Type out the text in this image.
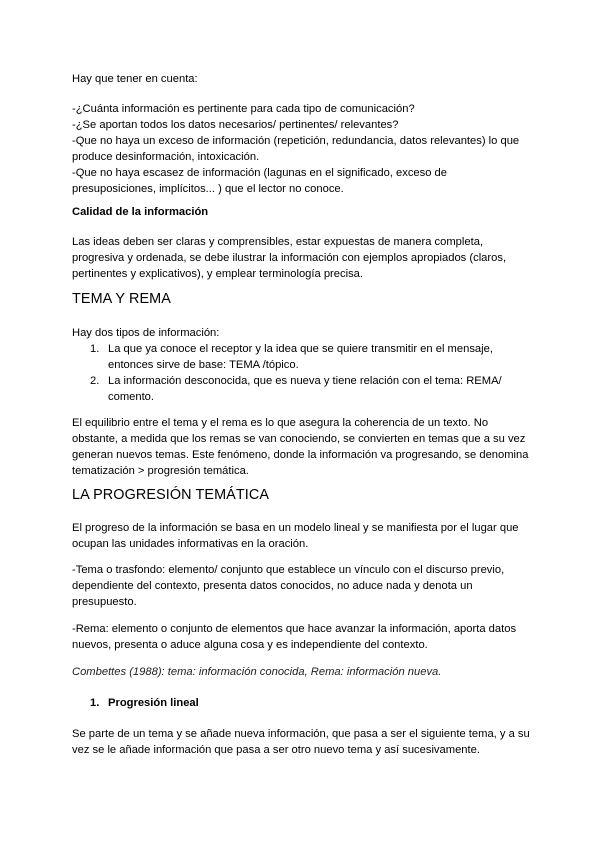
Hay que tener en cuenta:
-¿Cuánta información es pertinente para cada tipo de comunicación?
-¿Se aportan todos los datos necesarios/ pertinentes/ relevantes?
-Que no haya un exceso de información (repetición, redundancia, datos relevantes) lo que
produce desinformación, intoxicación.
-Que no haya escasez de información (lagunas en el significado, exceso de
presuposiciones, implícitos... ) que el lector no conoce.
Calidad de la información
Las ideas deben ser claras y comprensibles, estar expuestas de manera completa,
progresiva y ordenada, se debe ilustrar la información con ejemplos apropiados (claros,
pertinentes y explicativos), y emplear terminología precisa.
TEMA Y REMA
Hay dos tipos de información:
1. La que ya conoce el receptor y la idea que se quiere transmitir en el mensaje,
entonces sirve de base: TEMA /tópico.
2. La información desconocida, que es nueva y tiene relación con el tema: REMA/
comento.
El equilibrio entre el tema y el rema es lo que asegura la coherencia de un texto. No
obstante, a medida que los remas se van conociendo, se convierten en temas que a su vez
generan nuevos temas. Este fenómeno, donde la información va progresando, se denomina
tematización > progresión temática.
LA PROGRESIÓN TEMÁTICA
El progreso de la información se basa en un modelo lineal y se manifiesta por el lugar que
ocupan las unidades informativas en la oración.
-Tema o trasfondo: elemento/ conjunto que establece un vínculo con el discurso previo,
dependiente del contexto, presenta datos conocidos, no aduce nada y denota un
presupuesto.
-Rema: elemento o conjunto de elementos que hace avanzar la información, aporta datos
nuevos, presenta o aduce alguna cosa y es independiente del contexto.
Combettes (1988): tema: información conocida, Rema: información nueva.
1. Progresión lineal
Se parte de un tema y se añade nueva información, que pasa a ser el siguiente tema, y a su
vez se le añade información que pasa a ser otro nuevo tema y así sucesivamente.
